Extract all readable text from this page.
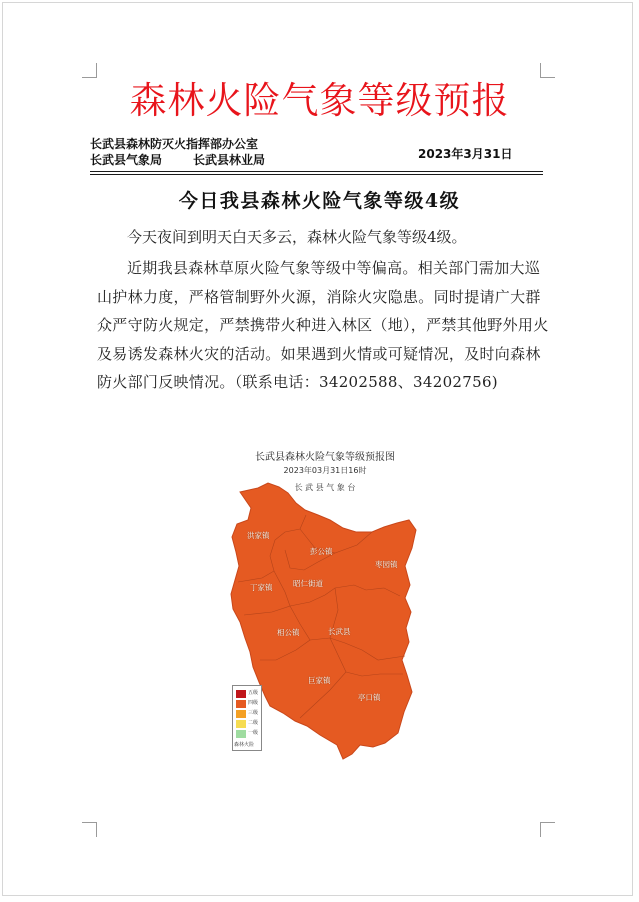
森林火险气象等级预报
长武县森林防灭火指挥部办公室
长武县气象局	长武县林业局	2023年3月31日
今日我县森林火险气象等级4级
今天夜间到明天白天多云，森林火险气象等级4级。
近期我县森林草原火险气象等级中等偏高。相关部门需加大巡山护林力度，严格管制野外火源，消除火灾隐患。同时提请广大群众严守防火规定，严禁携带火种进入林区（地），严禁其他野外用火及易诱发森林火灾的活动。如果遇到火情或可疑情况，及时向森林防火部门反映情况。（联系电话：34202588、34202756)
长武县森林火险气象等级预报图
2023年03月31日16时
长 武 县 气 象 台
洪家镇
彭公镇
枣园镇
丁家镇	昭仁街道
相公镇	长武县
巨家镇
亭口镇
五级
四级
三级
二级
一级
森林火险
